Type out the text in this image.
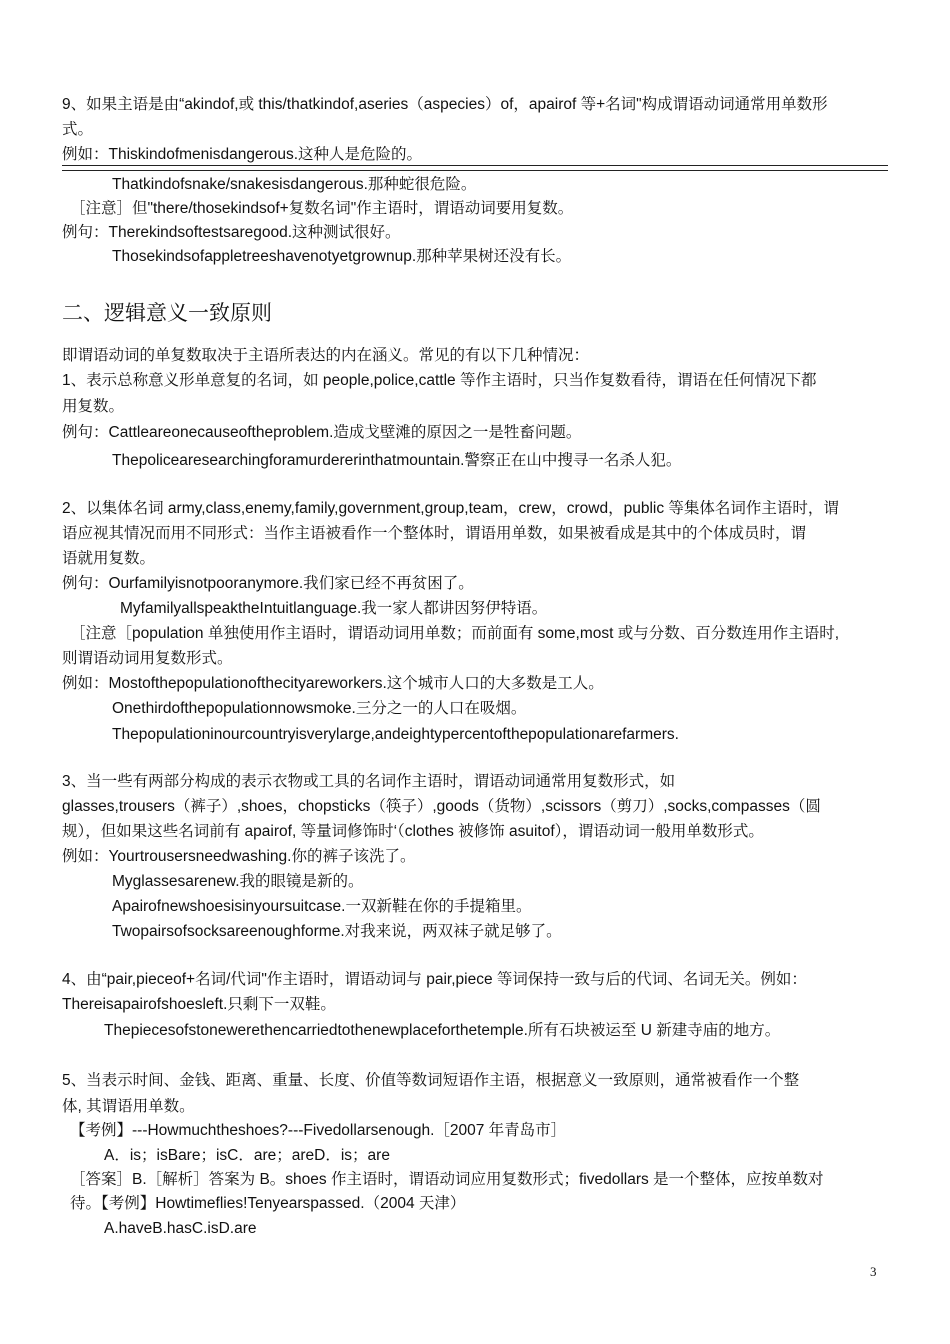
9、如果主语是由“akindof,或 this/thatkindof,aseries（aspecies）of，apairof 等+名词"构成谓语动词通常用单数形
式。
例如：Thiskindofmenisdangerous.这种人是危险的。
Thatkindofsnake/snakesisdangerous.那种蛇很危险。
［注意］但"there/thosekindsof+复数名词"作主语时，谓语动词要用复数。
例句：Therekindsoftestsaregood.这种测试很好。
Thosekindsofappletreeshavenotyetgrownup.那种苹果树还没有长。
二、逻辑意义一致原则
即谓语动词的单复数取决于主语所表达的内在涵义。常见的有以下几种情况：
1、表示总称意义形单意复的名词，如 people,police,cattle 等作主语时，只当作复数看待，谓语在任何情况下都
用复数。
例句：Cattleareonecauseoftheproblem.造成戈壁滩的原因之一是牲畜问题。
Thepolicearesearchingforamurdererinthatmountain.警察正在山中搜寻一名杀人犯。
2、以集体名词 army,class,enemy,family,government,group,team，crew，crowd，public 等集体名词作主语时，谓
语应视其情况而用不同形式：当作主语被看作一个整体时，谓语用单数，如果被看成是其中的个体成员时，谓
语就用复数。
例句：Ourfamilyisnotpooranymore.我们家已经不再贫困了。
MyfamilyallspeaktheIntuitlanguage.我一家人都讲因努伊特语。
［注意［population 单独使用作主语时，谓语动词用单数；而前面有 some,most 或与分数、百分数连用作主语时,
则谓语动词用复数形式。
例如：Mostofthepopulationofthecityareworkers.这个城市人口的大多数是工人。
Onethirdofthepopulationnowsmoke.三分之一的人口在吸烟。
Thepopulationinourcountryisverylarge,andeightypercentofthepopulationarefarmers.
3、当一些有两部分构成的表示衣物或工具的名词作主语时，谓语动词通常用复数形式，如
glasses,trousers（裤子）,shoes，chopsticks（筷子）,goods（货物）,scissors（剪刀）,socks,compasses（圆
规），但如果这些名词前有 apairof, 等量词修饰时‘（clothes 被修饰 asuitof），谓语动词一般用单数形式。
例如：Yourtrousersneedwashing.你的裤子该洗了。
Myglassesarenew.我的眼镜是新的。
Apairofnewshoesisinyoursuitcase.一双新鞋在你的手提箱里。
Twopairsofsocksareenoughforme.对我来说，两双袜子就足够了。
4、由“pair,pieceof+名词/代词"作主语时，谓语动词与 pair,piece 等词保持一致与后的代词、名词无关。例如：
Thereisapairofshoesleft.只剩下一双鞋。
Thepiecesofstonewerethencarriedtothenewplaceforthetemple.所有石块被运至 U 新建寺庙的地方。
5、当表示时间、金钱、距离、重量、长度、价值等数词短语作主语，根据意义一致原则，通常被看作一个整
体, 其谓语用单数。
【考例】---Howmuchtheshoes?---Fivedollarsenough.［2007 年青岛市］
A．is；isBare；isC．are；areD．is；are
［答案］B.［解析］答案为 B。shoes 作主语时，谓语动词应用复数形式；fivedollars 是一个整体，应按单数对
待。【考例】Howtimeflies!Tenyearspassed.（2004 天津）
A.haveB.hasC.isD.are
3
